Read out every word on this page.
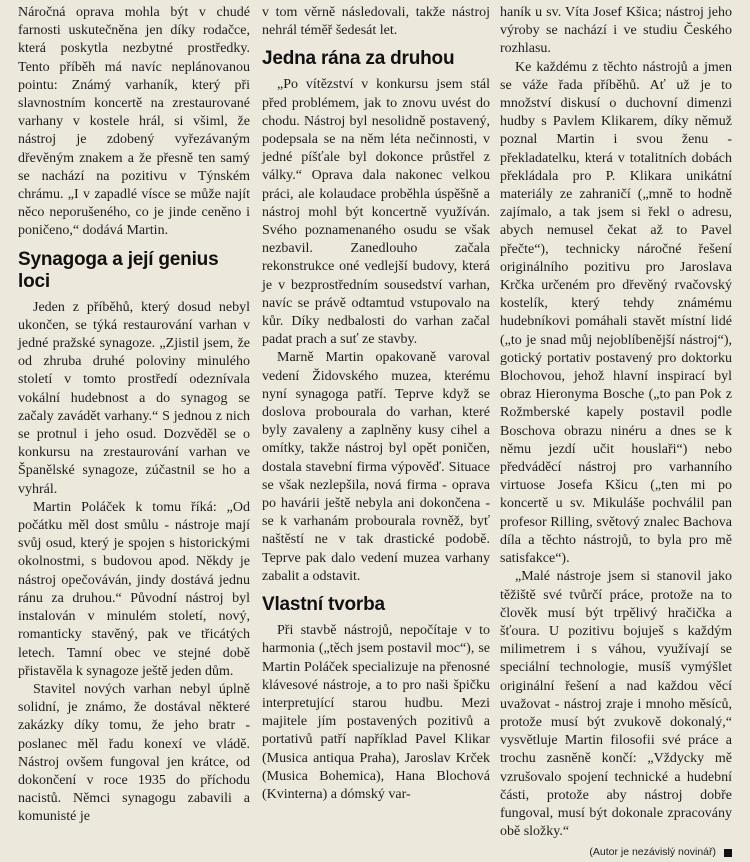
Náročná oprava mohla být v chudé farnosti uskutečněna jen díky rodačce, která poskytla nezbytné prostředky. Tento příběh má navíc neplánovanou pointu: Známý varhaník, který při slavnostním koncertě na zrestaurované varhany v kostele hrál, si všiml, že nástroj je zdobený vyřezávaným dřevěným znakem a že přesně ten samý se nachází na pozitivu v Týnském chrámu. „I v zapadlé vísce se může najít něco neporušeného, co je jinde ceněno i poničeno,“ dodává Martin.

Synagoga a její genius loci

Jeden z příběhů, který dosud nebyl ukončen, se týká restaurování varhan v jedné pražské synagoze. „Zjistil jsem, že od zhruba druhé poloviny minulého století v tomto prostředí odeznívala vokální hudebnost a do synagog se začaly zavádět varhany.“ S jednou z nich se protnul i jeho osud. Dozvěděl se o konkursu na zrestaurování varhan ve Španělské synagoze, zúčastnil se ho a vyhrál.

Martin Poláček k tomu říká: „Od počátku měl dost smůlu - nástroje mají svůj osud, který je spojen s historickými okolnostmi, s budovou apod. Někdy je nástroj opečováván, jindy dostává jednu ránu za druhou.“ Původní nástroj byl instalován v minulém století, nový, romanticky stavěný, pak ve třicátých letech. Tamní obec ve stejné době přistavěla k synagoze ještě jeden dům.

Stavitel nových varhan nebyl úplně solidní, je známo, že dostával některé zakázky díky tomu, že jeho bratr - poslanec měl řadu konexí ve vládě. Nástroj ovšem fungoval jen krátce, od dokončení v roce 1935 do příchodu nacistů. Němci synagogu zabavili a komunisté je

v tom věrně následovali, takže nástroj nehrál téměř šedesát let.

Jedna rána za druhou

„Po vítězství v konkursu jsem stál před problémem, jak to znovu uvést do chodu. Nástroj byl nesolidně postavený, podepsala se na něm léta nečinnosti, v jedné píšťale byl dokonce průstřel z války.“ Oprava dala nakonec velkou práci, ale kolaudace proběhla úspěšně a nástroj mohl být koncertně využíván. Svého poznamenaného osudu se však nezbavil. Zanedlouho začala rekonstrukce oné vedlejší budovy, která je v bezprostředním sousedství varhan, navíc se právě odtamtud vstupovalo na kůr. Díky nedbalosti do varhan začal padat prach a suť ze stavby.

Marně Martin opakovaně varoval vedení Židovského muzea, kterému nyní synagoga patří. Teprve když se doslova probourala do varhan, které byly zavaleny a zaplněny kusy cihel a omítky, takže nástroj byl opět poničen, dostala stavební firma výpověď. Situace se však nezlepšila, nová firma - oprava po havárii ještě nebyla ani dokončena - se k varhanám probourala rovněž, byť naštěstí ne v tak drastické podobě. Teprve pak dalo vedení muzea varhany zabalit a odstavit.

Vlastní tvorba

Při stavbě nástrojů, nepočítaje v to harmonia („těch jsem postavil moc“), se Martin Poláček specializuje na přenosné klávesové nástroje, a to pro naši špičku interpretující starou hudbu. Mezi majitele jím postavených pozitivů a portativů patří například Pavel Klikar (Musica antiqua Praha), Jaroslav Krček (Musica Bohemica), Hana Blochová (Kvinterna) a dómský var-

haník u sv. Víta Josef Kšica; nástroj jeho výroby se nachází i ve studiu Českého rozhlasu.

Ke každému z těchto nástrojů a jmen se váže řada příběhů. Ať už je to množství diskusí o duchovní dimenzi hudby s Pavlem Klikarem, díky němuž poznal Martin i svou ženu - překladatelku, která v totalitních dobách překládala pro P. Klikara unikátní materiály ze zahraničí („mně to hodně zajímalo, a tak jsem si řekl o adresu, abych nemusel čekat až to Pavel přečte“), technicky náročné řešení originálního pozitivu pro Jaroslava Krčka určeném pro dřevěný rvačovský kostelík, který tehdy známému hudebníkovi pomáhali stavět místní lidé („to je snad můj nejoblíbenější nástroj“), gotický portativ postavený pro doktorku Blochovou, jehož hlavní inspirací byl obraz Hieronyma Bosche („to pan Pok z Rožmberské kapely postavil podle Boschova obrazu ninéru a dnes se k němu jezdí učit houslaři“) nebo předváděcí nástroj pro varhanního virtuose Josefa Kšicu („ten mi po koncertě u sv. Mikuláše pochválil pan profesor Rilling, světový znalec Bachova díla a těchto nástrojů, to byla pro mě satisfakce“).

„Malé nástroje jsem si stanovil jako těžiště své tvůrčí práce, protože na to člověk musí být trpělivý hračička a šťoura. U pozitivu bojuješ s každým milimetrem i s váhou, využívají se speciální technologie, musíš vymýšlet originální řešení a nad každou věcí uvažovat - nástroj zraje i mnoho měsíců, protože musí být zvukově dokonalý,“ vysvětluje Martin filosofii své práce a trochu zasněně končí: „Vždycky mě vzrušovalo spojení technické a hudební části, protože aby nástroj dobře fungoval, musí být dokonale zpracovány obě složky.“

(Autor je nezávislý novinář)
